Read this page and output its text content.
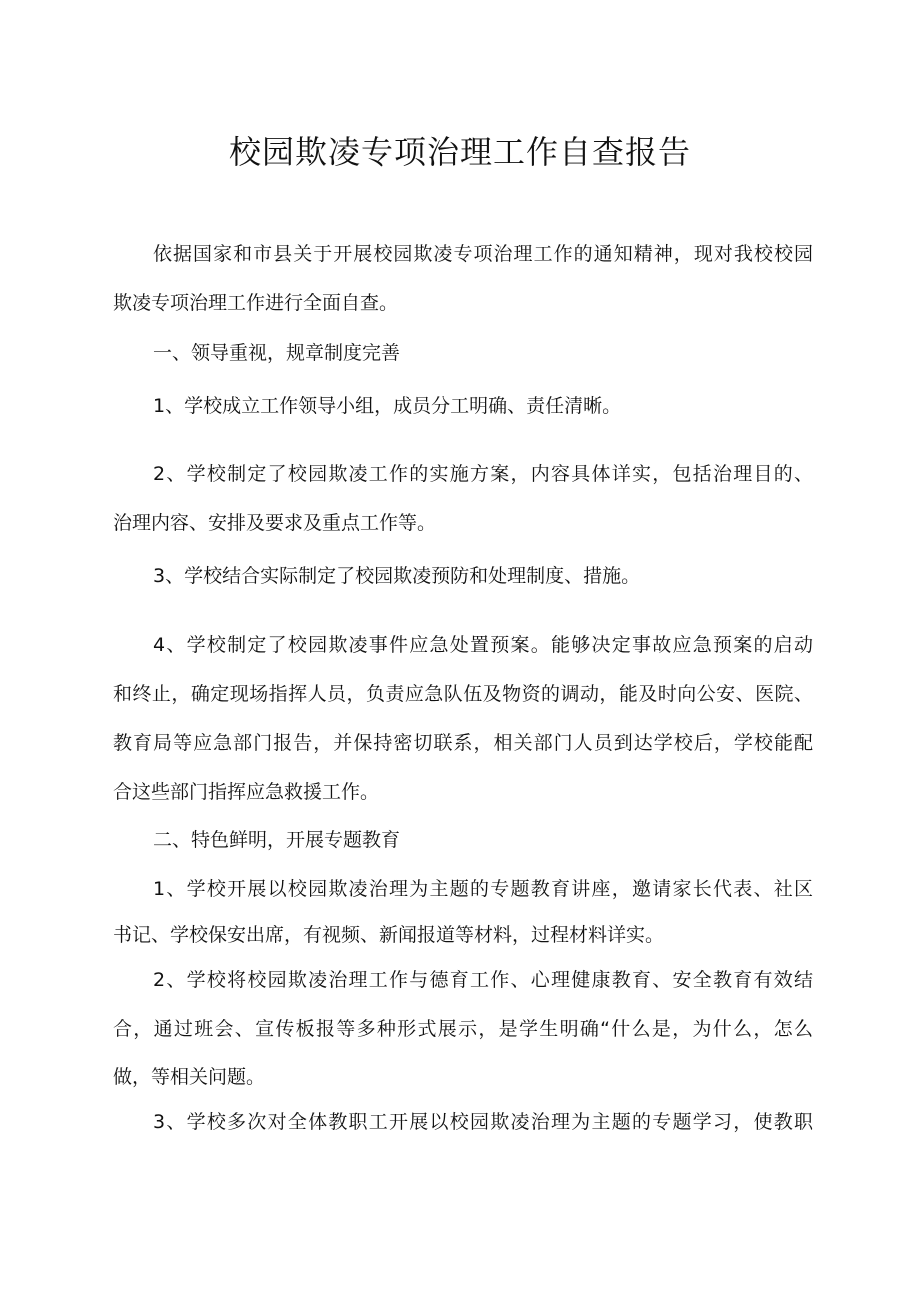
校园欺凌专项治理工作自查报告
依据国家和市县关于开展校园欺凌专项治理工作的通知精神，现对我校校园
欺凌专项治理工作进行全面自查。
一、领导重视，规章制度完善
1、学校成立工作领导小组，成员分工明确、责任清晰。
2、学校制定了校园欺凌工作的实施方案，内容具体详实，包括治理目的、
治理内容、安排及要求及重点工作等。
3、学校结合实际制定了校园欺凌预防和处理制度、措施。
4、学校制定了校园欺凌事件应急处置预案。能够决定事故应急预案的启动
和终止，确定现场指挥人员，负责应急队伍及物资的调动，能及时向公安、医院、
教育局等应急部门报告，并保持密切联系，相关部门人员到达学校后，学校能配
合这些部门指挥应急救援工作。
二、特色鲜明，开展专题教育
1、学校开展以校园欺凌治理为主题的专题教育讲座，邀请家长代表、社区
书记、学校保安出席，有视频、新闻报道等材料，过程材料详实。
2、学校将校园欺凌治理工作与德育工作、心理健康教育、安全教育有效结
合，通过班会、宣传板报等多种形式展示，是学生明确“什么是，为什么，怎么
做，等相关问题。
3、学校多次对全体教职工开展以校园欺凌治理为主题的专题学习，使教职
